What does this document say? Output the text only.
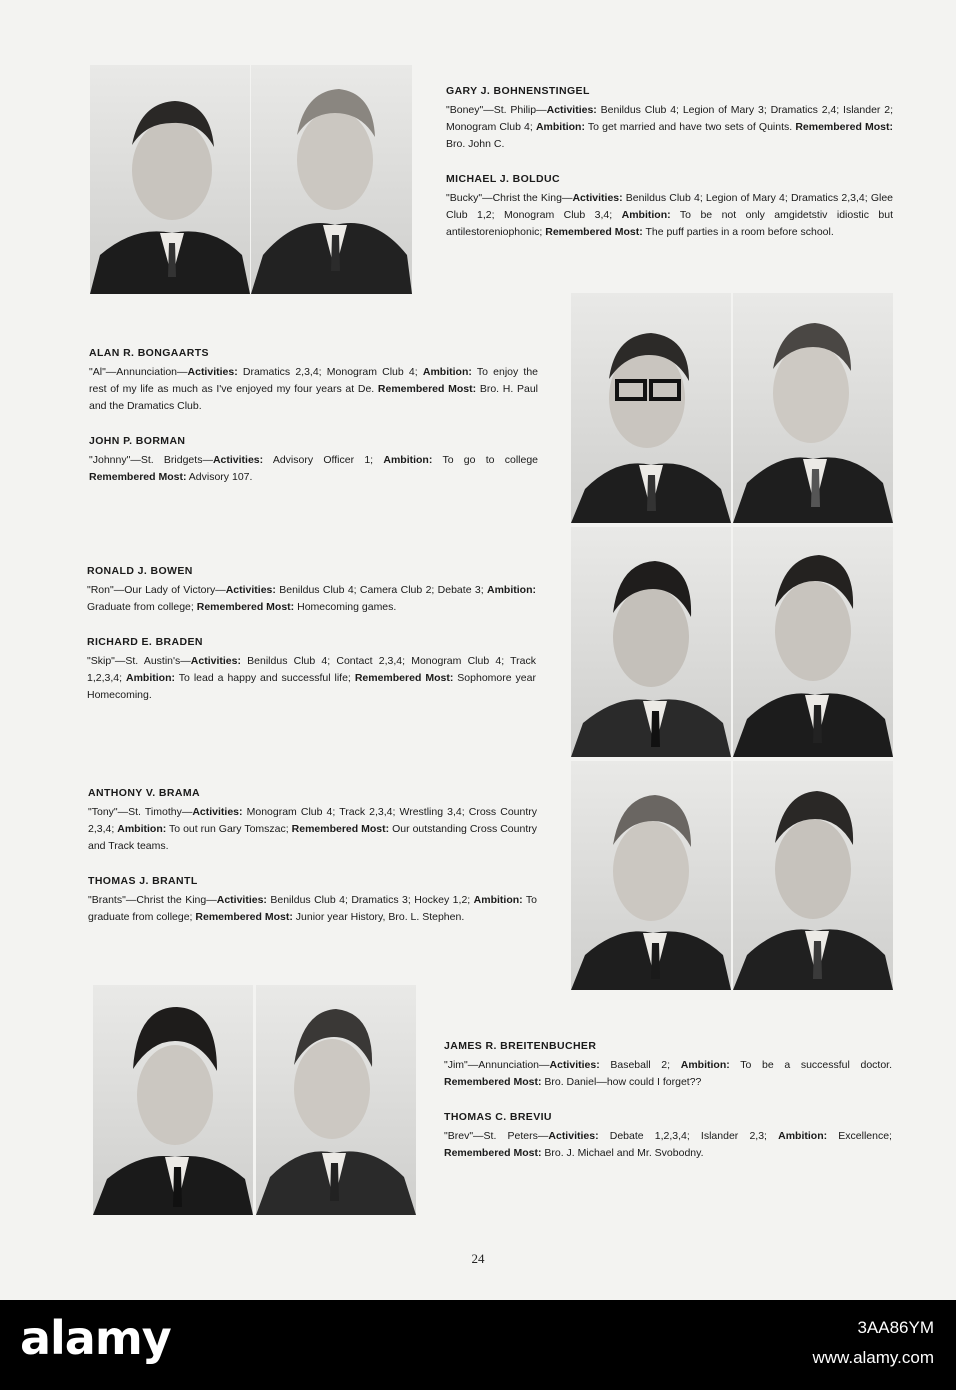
GARY J. BOHNENSTINGEL

"Boney"—St. Philip—Activities: Benildus Club 4; Legion of Mary 3; Dramatics 2,4; Islander 2; Monogram Club 4; Ambition: To get married and have two sets of Quints. Remembered Most: Bro. John C.

MICHAEL J. BOLDUC

"Bucky"—Christ the King—Activities: Benildus Club 4; Legion of Mary 4; Dramatics 2,3,4; Glee Club 1,2; Monogram Club 3,4; Ambition: To be not only amgidetstiv idiostic but antilestoreniophonic; Remembered Most: The puff parties in a room before school.

ALAN R. BONGAARTS

"Al"—Annunciation—Activities: Dramatics 2,3,4; Monogram Club 4; Ambition: To enjoy the rest of my life as much as I've enjoyed my four years at De. Remembered Most: Bro. H. Paul and the Dramatics Club.

JOHN P. BORMAN

"Johnny"—St. Bridgets—Activities: Advisory Officer 1; Ambition: To go to college Remembered Most: Advisory 107.

RONALD J. BOWEN

"Ron"—Our Lady of Victory—Activities: Benildus Club 4; Camera Club 2; Debate 3; Ambition: Graduate from college; Remembered Most: Homecoming games.

RICHARD E. BRADEN

"Skip"—St. Austin's—Activities: Benildus Club 4; Contact 2,3,4; Monogram Club 4; Track 1,2,3,4; Ambition: To lead a happy and successful life; Remembered Most: Sophomore year Homecoming.

ANTHONY V. BRAMA

"Tony"—St. Timothy—Activities: Monogram Club 4; Track 2,3,4; Wrestling 3,4; Cross Country 2,3,4; Ambition: To out run Gary Tomszac; Remembered Most: Our outstanding Cross Country and Track teams.

THOMAS J. BRANTL

"Brants"—Christ the King—Activities: Benildus Club 4; Dramatics 3; Hockey 1,2; Ambition: To graduate from college; Remembered Most: Junior year History, Bro. L. Stephen.

JAMES R. BREITENBUCHER

"Jim"—Annunciation—Activities: Baseball 2; Ambition: To be a successful doctor. Remembered Most: Bro. Daniel—how could I forget??

THOMAS C. BREVIU

"Brev"—St. Peters—Activities: Debate 1,2,3,4; Islander 2,3; Ambition: Excellence; Remembered Most: Bro. J. Michael and Mr. Svobodny.

24
alamy	3AA86YM
www.alamy.com
